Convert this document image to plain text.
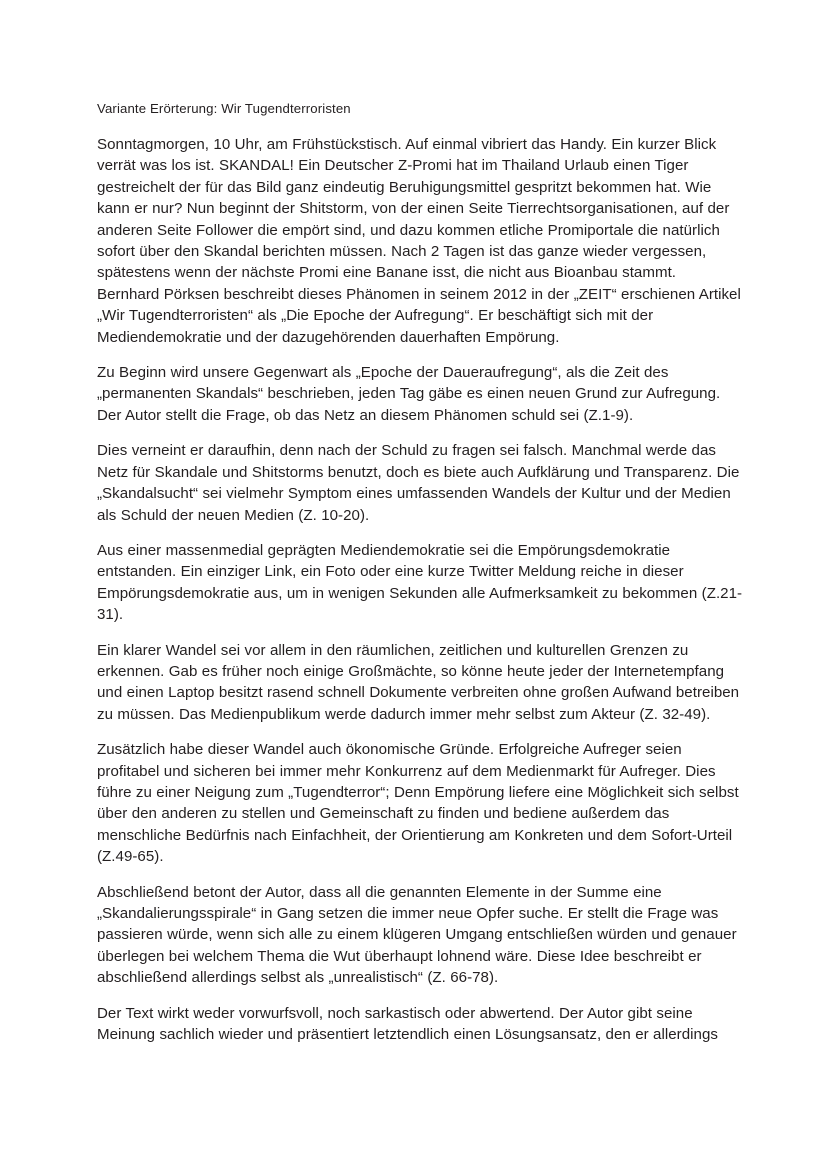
Variante Erörterung: Wir Tugendterroristen

Sonntagmorgen, 10 Uhr, am Frühstückstisch. Auf einmal vibriert das Handy. Ein kurzer Blick verrät was los ist. SKANDAL! Ein Deutscher Z-Promi hat im Thailand Urlaub einen Tiger gestreichelt der für das Bild ganz eindeutig Beruhigungsmittel gespritzt bekommen hat. Wie kann er nur? Nun beginnt der Shitstorm, von der einen Seite Tierrechtsorganisationen, auf der anderen Seite Follower die empört sind, und dazu kommen etliche Promiportale die natürlich sofort über den Skandal berichten müssen. Nach 2 Tagen ist das ganze wieder vergessen, spätestens wenn der nächste Promi eine Banane isst, die nicht aus Bioanbau stammt.

Bernhard Pörksen beschreibt dieses Phänomen in seinem 2012 in der „ZEIT“ erschienen Artikel „Wir Tugendterroristen“ als „Die Epoche der Aufregung“. Er beschäftigt sich mit der Mediendemokratie und der dazugehörenden dauerhaften Empörung.

Zu Beginn wird unsere Gegenwart als „Epoche der Daueraufregung“, als die Zeit des „permanenten Skandals“ beschrieben, jeden Tag gäbe es einen neuen Grund zur Aufregung. Der Autor stellt die Frage, ob das Netz an diesem Phänomen schuld sei (Z.1-9).

Dies verneint er daraufhin, denn nach der Schuld zu fragen sei falsch. Manchmal werde das Netz für Skandale und Shitstorms benutzt, doch es biete auch Aufklärung und Transparenz. Die „Skandalsucht“ sei vielmehr Symptom eines umfassenden Wandels der Kultur und der Medien als Schuld der neuen Medien (Z. 10-20).

Aus einer massenmedial geprägten Mediendemokratie sei die Empörungsdemokratie entstanden. Ein einziger Link, ein Foto oder eine kurze Twitter Meldung reiche in dieser Empörungsdemokratie aus, um in wenigen Sekunden alle Aufmerksamkeit zu bekommen (Z.21-31).

Ein klarer Wandel sei vor allem in den räumlichen, zeitlichen und kulturellen Grenzen zu erkennen. Gab es früher noch einige Großmächte, so könne heute jeder der Internetempfang und einen Laptop besitzt rasend schnell Dokumente verbreiten ohne großen Aufwand betreiben zu müssen. Das Medienpublikum werde dadurch immer mehr selbst zum Akteur (Z. 32-49).

Zusätzlich habe dieser Wandel auch ökonomische Gründe. Erfolgreiche Aufreger seien profitabel und sicheren bei immer mehr Konkurrenz auf dem Medienmarkt für Aufreger. Dies führe zu einer Neigung zum „Tugendterror“; Denn Empörung liefere eine Möglichkeit sich selbst über den anderen zu stellen und Gemeinschaft zu finden und bediene außerdem das menschliche Bedürfnis nach Einfachheit, der Orientierung am Konkreten und dem Sofort-Urteil (Z.49-65).

Abschließend betont der Autor, dass all die genannten Elemente in der Summe eine „Skandalierungsspirale“ in Gang setzen die immer neue Opfer suche. Er stellt die Frage was passieren würde, wenn sich alle zu einem klügeren Umgang entschließen würden und genauer überlegen bei welchem Thema die Wut überhaupt lohnend wäre. Diese Idee beschreibt er abschließend allerdings selbst als „unrealistisch“ (Z. 66-78).

Der Text wirkt weder vorwurfsvoll, noch sarkastisch oder abwertend. Der Autor gibt seine Meinung sachlich wieder und präsentiert letztendlich einen Lösungsansatz, den er allerdings
